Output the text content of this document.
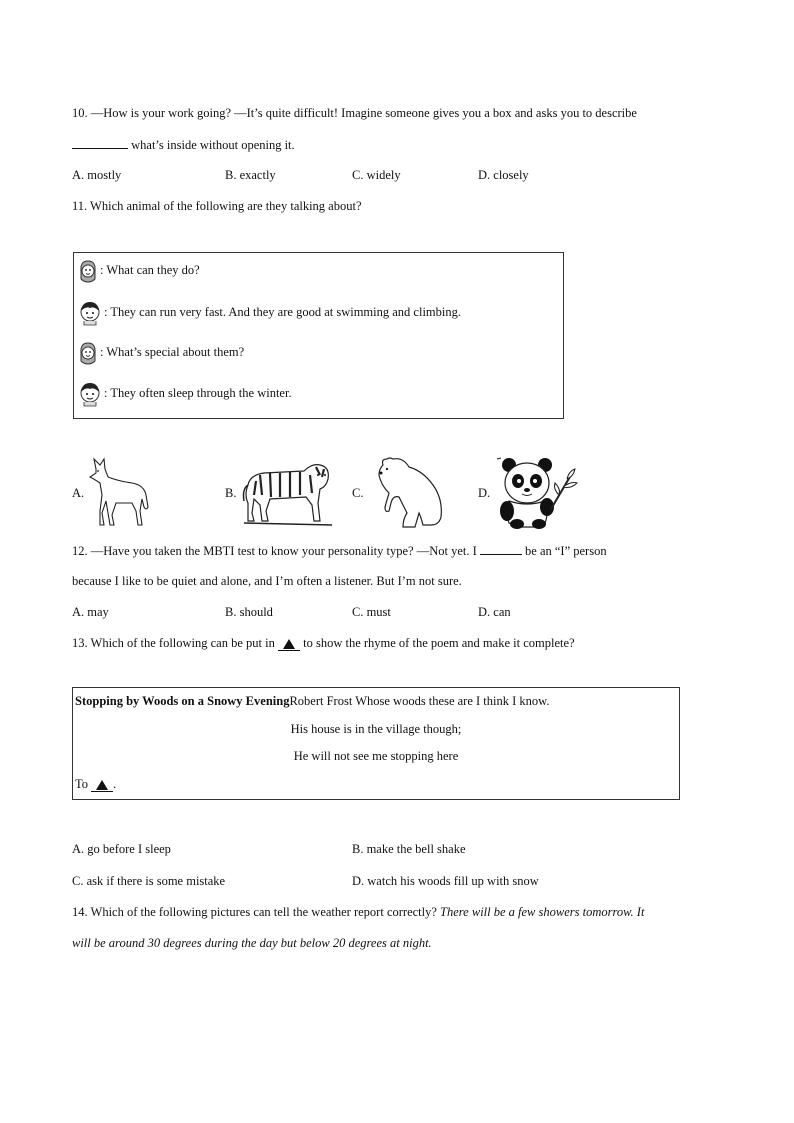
10. —How is your work going? —It’s quite difficult! Imagine someone gives you a box and asks you to describe
what’s inside without opening it.
A. mostly	B. exactly	C. widely	D. closely
11. Which animal of the following are they talking about?
: What can they do?
: They can run very fast. And they are good at swimming and climbing.
: What’s special about them?
: They often sleep through the winter.
A.	B.	C.	D.
12. —Have you taken the MBTI test to know your personality type? —Not yet. I	be an “I” person
because I like to be quiet and alone, and I’m often a listener. But I’m not sure.
A. may	B. should	C. must	D. can
13. Which of the following can be put in  to show the rhyme of the poem and make it complete?
Stopping by Woods on a Snowy EveningRobert Frost Whose woods these are I think I know.
His house is in the village though;
He will not see me stopping here
To .
A. go before I sleep	B. make the bell shake
C. ask if there is some mistake	D. watch his woods fill up with snow
14. Which of the following pictures can tell the weather report correctly? There will be a few showers tomorrow. It
will be around 30 degrees during the day but below 20 degrees at night.
